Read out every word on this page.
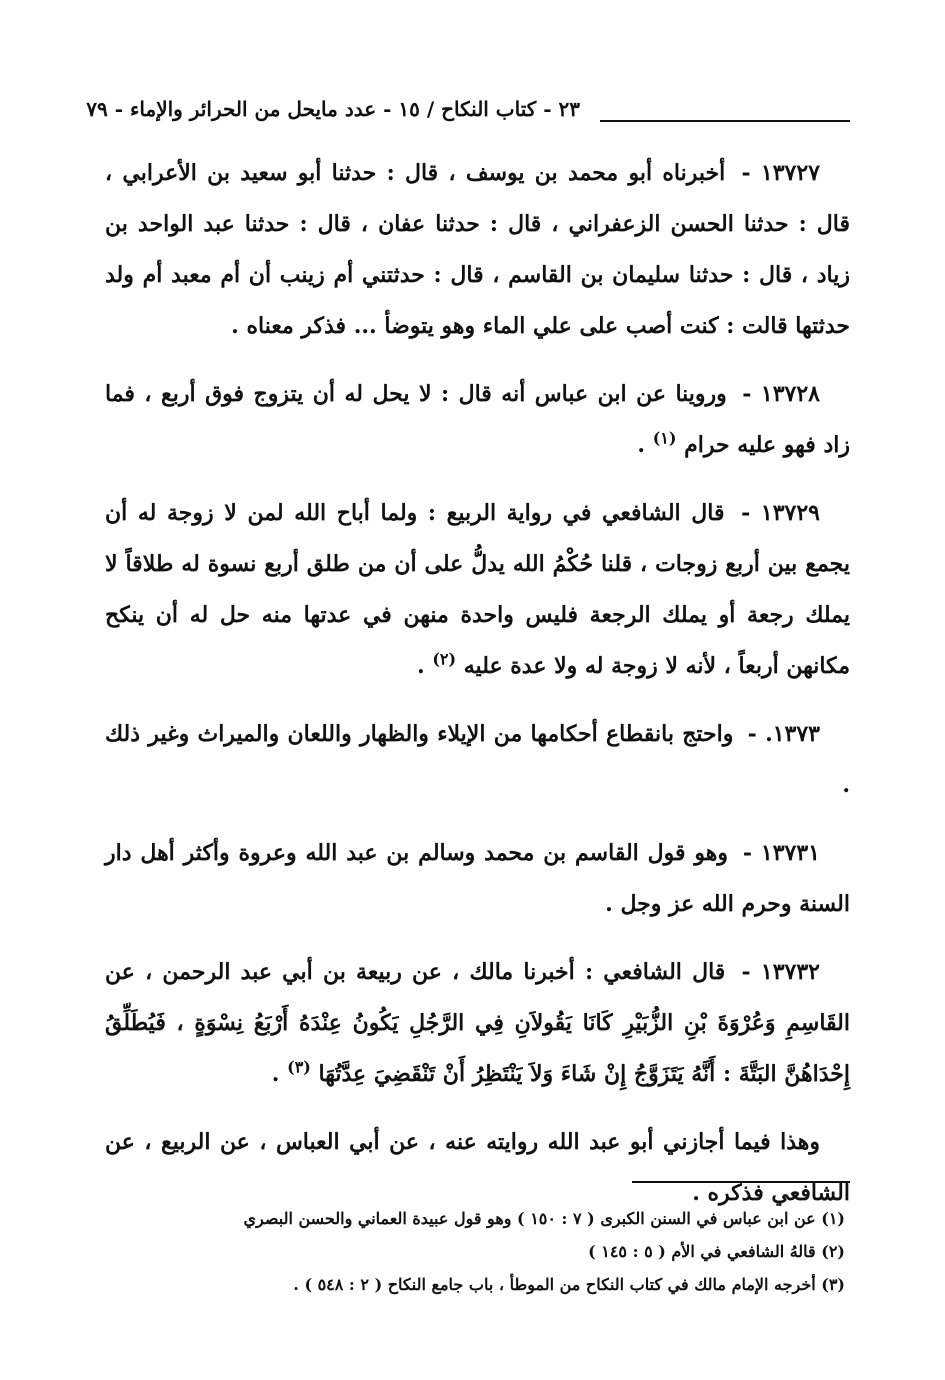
٢٣ - كتاب النكاح / ١٥ - عدد مايحل من الحرائر والإماء - ٧٩

١٣٧٢٧ - أخبرناه أبو محمد بن يوسف ، قال : حدثنا أبو سعيد بن الأعرابي ، قال : حدثنا الحسن الزعفراني ، قال : حدثنا عفان ، قال : حدثنا عبد الواحد بن زياد ، قال : حدثنا سليمان بن القاسم ، قال : حدثتني أم زينب أن أم معبد أم ولد حدثتها قالت : كنت أصب على علي الماء وهو يتوضأ ... فذكر معناه .

١٣٧٢٨ - وروينا عن ابن عباس أنه قال : لا يحل له أن يتزوج فوق أربع ، فما زاد فهو عليه حرام $^{(١)}$ .

١٣٧٢٩ - قال الشافعي في رواية الربيع : ولما أباح الله لمن لا زوجة له أن يجمع بين أربع زوجات ، قلنا حُكْمُ الله يدلُّ على أن من طلق أربع نسوة له طلاقاً لا يملك رجعة أو يملك الرجعة فليس واحدة منهن في عدتها منه حل له أن ينكح مكانهن أربعاً ، لأنه لا زوجة له ولا عدة عليه $^{(٢)}$ .

١٣٧٣. - واحتج بانقطاع أحكامها من الإيلاء والظهار واللعان والميراث وغير ذلك .

١٣٧٣١ - وهو قول القاسم بن محمد وسالم بن عبد الله وعروة وأكثر أهل دار السنة وحرم الله عز وجل .

١٣٧٣٢ - قال الشافعي : أخبرنا مالك ، عن ربيعة بن أبي عبد الرحمن ، عن القَاسِمِ وَعُرْوَةَ بْنِ الزُّبَيْرِ كَانَا يَقُولاَنِ فِي الرَّجُلِ يَكُونُ عِنْدَهُ أَرْبَعُ نِسْوَةٍ ، فَيُطَلِّقُ إِحْدَاهُنَّ البَتَّةَ : أَنَّهُ يَتَزَوَّجُ إِنْ شَاءَ وَلاَ يَنْتَظِرُ أَنْ تَنْقَضِيَ عِدَّتُهَا $^{(٣)}$ .

وهذا فيما أجازني أبو عبد الله روايته عنه ، عن أبي العباس ، عن الربيع ، عن الشافعي فذكره .

(١) عن ابن عباس في السنن الكبرى ( ٧ : ١٥٠ ) وهو قول عبيدة العماني والحسن البصري

(٢) قالهُ الشافعي في الأم ( ٥ : ١٤٥ )

(٣) أخرجه الإمام مالك في كتاب النكاح من الموطأ ، باب جامع النكاح ( ٢ : ٥٤٨ ) .
